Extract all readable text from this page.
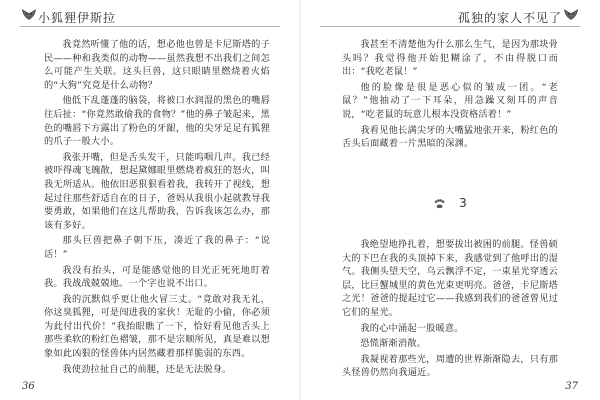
小狐狸伊斯拉

我竟然听懂了他的话，想必他也曾是卡尼斯塔的子民——种和我类似的动物——虽然我想不出我们之间怎么可能产生关联。这头巨兽，这只眼睛里燃烧着火焰的“大狗”究竟是什么动物？

他低下乱蓬蓬的脑袋，将被口水润湿的黑色的嘴唇往后扯：“你竟然敢偷我的食物？”他的鼻子皱起来，黑色的嘴唇下方露出了粉色的牙龈，他的尖牙足足有狐狸的爪子一般大小。

我张开嘴，但是舌头发干，只能呜咽几声。我已经被吓得魂飞魄散，想起黛娜眼里燃烧着疯狂的怒火，叫我无所适从。他依旧恶狠狠看着我，我转开了视线，想起过往那些舒适自在的日子，爸妈从我很小起就教导我要勇敢，如果他们在这儿帮助我，告诉我该怎么办，那该有多好。

那头巨兽把鼻子朝下压，凑近了我的鼻子：“说话！”

我没有抬头，可是能感觉他的目光正死死地盯着我。我战战兢兢地。一个字也说不出口。

我的沉默似乎更让他火冒三丈。“竟敢对我无礼，你这臭狐狸，可是闯进我的家伙！无耻的小偷，你必须为此付出代价！”我抬眼瞧了一下，恰好看见他舌头上那些柔软的粉红色褶皱，那不是宗顺所见，真是难以想象如此凶狠的怪兽体内居然藏着那样脆弱的东西。

我使劲拉扯自己的前腿，还是无法脱身。

36
孤独的家人不见了

我甚至不清楚他为什么那么生气，是因为那块骨头吗？我觉得他开始犯糊涂了，不由得脱口而出：“我吃老鼠！”

他的脸像是很是恶心似的皱成一团。“老鼠？”他抽动了一下耳朵，用急躁又刻耳的声音说，“吃老鼠的玩意儿根本没资格活着！”

我看见他长满尖牙的大嘴猛地张开来，粉红色的舌头后面藏着一片黑暗的深渊。

3

我绝望地挣扎着，想要拔出被困的前腿。怪兽硕大的下巴在我的头顶掉下来，我感觉到了他呼出的湿气。我侧头望天空，乌云飘浮不定，一束星光穿透云层，比巨蟹城里的黄色光束更明亮。爸爸，卡尼斯塔之光！爸爸的提起过它——我感到我们的爸爸曾见过它们的星光。

我的心中涌起一股暖意。

恐慌渐渐消散。

我凝视着那些光，周遭的世界渐渐隐去，只有那头怪兽仍然向我逼近。

37
